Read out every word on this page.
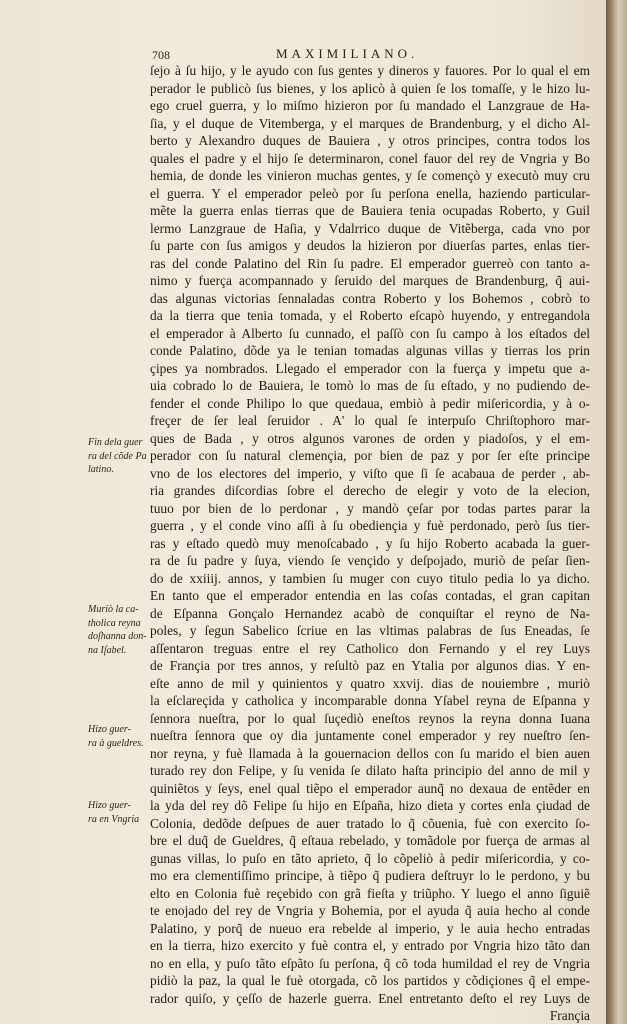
708	MAXIMILIANO.
ſejo à ſu hijo, y le ayudo con ſus gentes y dineros y fauores. Por lo qual el em
perador le publicò ſus bienes, y los aplicò à quien ſe los tomaſſe, y le hizo lu-
ego cruel guerra, y lo miſmo hizieron por ſu mandado el Lanzgraue de Ha-
ſia, y el duque de Vitemberga, y el marques de Brandenburg, y el dicho Al-
berto y Alexandro duques de Bauiera , y otros principes, contra todos los
quales el padre y el hijo ſe determinaron, conel fauor del rey de Vngria y Bo
hemia, de donde les vinieron muchas gentes, y ſe començò y executò muy cru
el guerra. Y el emperador peleò por ſu perſona enella, haziendo particular-
mẽte la guerra enlas tierras que de Bauiera tenia ocupadas Roberto, y Guil
lermo Lanzgraue de Haſia, y Vdalrrico duque de Vitẽberga, cada vno por
ſu parte con ſus amigos y deudos la hizieron por diuerſas partes, enlas tier-
ras del conde Palatino del Rin ſu padre. El emperador guerreò con tanto a-
nimo y fuerça acompannado y ſeruido del marques de Brandenburg, q̃ aui-
das algunas victorias ſennaladas contra Roberto y los Bohemos , cobrò to
da la tierra que tenia tomada, y el Roberto eſcapò huyendo, y entregandola
el emperador à Alberto ſu cunnado, el paſſò con ſu campo à los eſtados del
conde Palatino, dõde ya le tenian tomadas algunas villas y tierras los prin
çipes ya nombrados. Llegado el emperador con la fuerça y impetu que a-
uia cobrado lo de Bauiera, le tomò lo mas de ſu eſtado, y no pudiendo de-
fender el conde Philipo lo que quedaua, embiò à pedir miſericordia, y à o-
freçer de ſer leal ſeruidor . A' lo qual ſe interpuſo Chriſtophoro mar-
ques de Bada , y otros algunos varones de orden y piadoſos, y el em-
perador con ſu natural clemençia, por bien de paz y por ſer eſte principe
vno de los electores del imperio, y viſto que ſi ſe acabaua de perder , ab-
ria grandes diſcordias ſobre el derecho de elegir y voto de la elecion,
tuuo por bien de lo perdonar , y mandò çeſar por todas partes parar la
guerra , y el conde vino aſſi à ſu obediençia y fuè perdonado, però ſus tier-
ras y eſtado quedò muy menoſcabado , y ſu hijo Roberto acabada la guer-
ra de ſu padre y ſuya, viendo ſe vençido y deſpojado, muriò de peſar ſien-
do de xxiiĳ. annos, y tambien ſu muger con cuyo titulo pedia lo ya dicho.
En tanto que el emperador entendia en las coſas contadas, el gran capitan
de Eſpanna Gonçalo Hernandez acabò de conquiſtar el reyno de Na-
poles, y ſegun Sabelico ſcriue en las vltimas palabras de ſus Eneadas, ſe
aſſentaron treguas entre el rey Catholico don Fernando y el rey Luys
de Françia por tres annos, y reſultò paz en Ytalia por algunos dias. Y en-
eſte anno de mil y quinientos y quatro xxvĳ. dias de nouiembre , muriò
la eſclareçida y catholica y incomparable donna Yſabel reyna de Eſpanna y
ſennora nueſtra, por lo qual ſuçediò eneſtos reynos la reyna donna Iuana
nueſtra ſennora que oy dia juntamente conel emperador y rey nueſtro ſen-
nor reyna, y fuè llamada à la gouernacion dellos con ſu marido el bien auen
turado rey don Felipe, y ſu venida ſe dilato haſta principio del anno de mil y
quiniẽtos y ſeys, enel qual tiẽpo el emperador aunq̃ no dexaua de entẽder en
la yda del rey dõ Felipe ſu hijo en Eſpaña, hizo dieta y cortes enla çiudad de
Colonia, dedõde deſpues de auer tratado lo q̃ cõuenia, fuè con exercito ſo-
bre el duq̃ de Gueldres, q̃ eſtaua rebelado, y tomãdole por fuerça de armas al
gunas villas, lo puſo en tãto aprieto, q̃ lo cõpeliò à pedir miſericordia, y co-
mo era clementiſſimo principe, à tiẽpo q̃ pudiera deſtruyr lo le perdono, y bu
elto en Colonia fuè reçebido con grã fieſta y triũpho. Y luego el anno ſiguiẽ
te enojado del rey de Vngria y Bohemia, por el ayuda q̃ auia hecho al conde
Palatino, y porq̃ de nueuo era rebelde al imperio, y le auia hecho entradas
en la tierra, hizo exercito y fuè contra el, y entrado por Vngria hizo tãto dan
no en ella, y puſo tãto eſpãto ſu perſona, q̃ cõ toda humildad el rey de Vngria
pidiò la paz, la qual le fuè otorgada, cõ los partidos y cõdiçiones q̃ el empe-
rador quiſo, y çeſſo de hazerle guerra. Enel entretanto deſto el rey Luys de
Françia
Fin dela guer
ra del cõde Pa
latino.
Muriò la ca-
tholica reyna
doſhanna don-
na Iſabel.
Hizo guer-
ra à gueldres.
Hizo guer-
ra en Vngria
